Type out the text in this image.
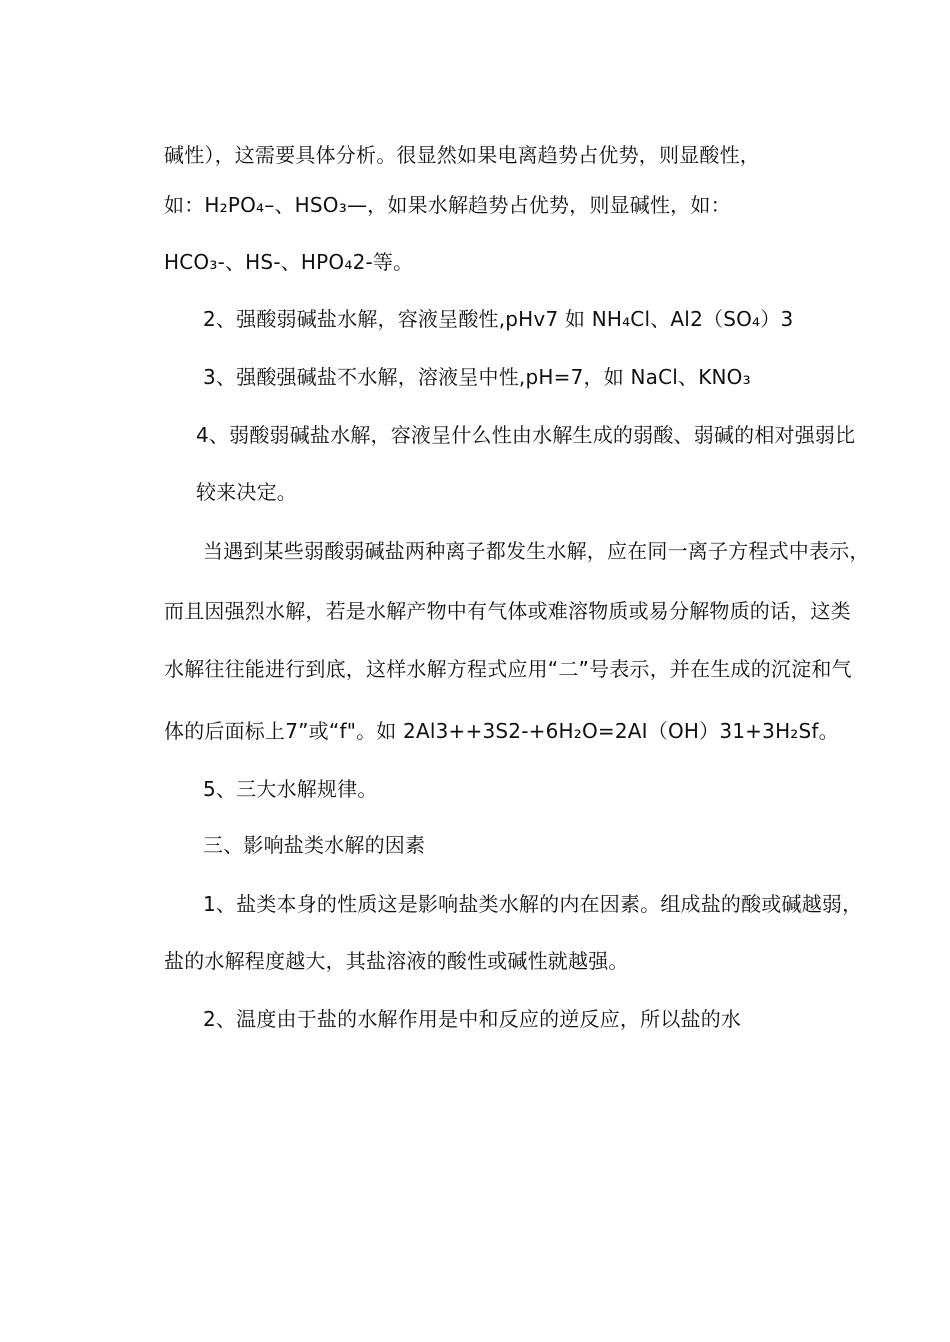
碱性），这需要具体分析。很显然如果电离趋势占优势，则显酸性，
如：H₂PO₄–、HSO₃—，如果水解趋势占优势，则显碱性，如：
HCO₃-、HS-、HPO₄2-等。
2、强酸弱碱盐水解，容液呈酸性,pHv7 如 NH₄Cl、Al2（SO₄）3
3、强酸强碱盐不水解，溶液呈中性,pH=7，如 NaCl、KNO₃
4、弱酸弱碱盐水解，容液呈什么性由水解生成的弱酸、弱碱的相对强弱比
较来决定。
当遇到某些弱酸弱碱盐两种离子都发生水解，应在同一离子方程式中表示，
而且因强烈水解，若是水解产物中有气体或难溶物质或易分解物质的话，这类
水解往往能进行到底，这样水解方程式应用“二”号表示，并在生成的沉淀和气
体的后面标上7”或“f"。如 2Al3++3S2-+6H₂O=2AI（OH）31+3H₂Sf。
5、三大水解规律。
三、影响盐类水解的因素
1、盐类本身的性质这是影响盐类水解的内在因素。组成盐的酸或碱越弱，
盐的水解程度越大，其盐溶液的酸性或碱性就越强。
2、温度由于盐的水解作用是中和反应的逆反应，所以盐的水
